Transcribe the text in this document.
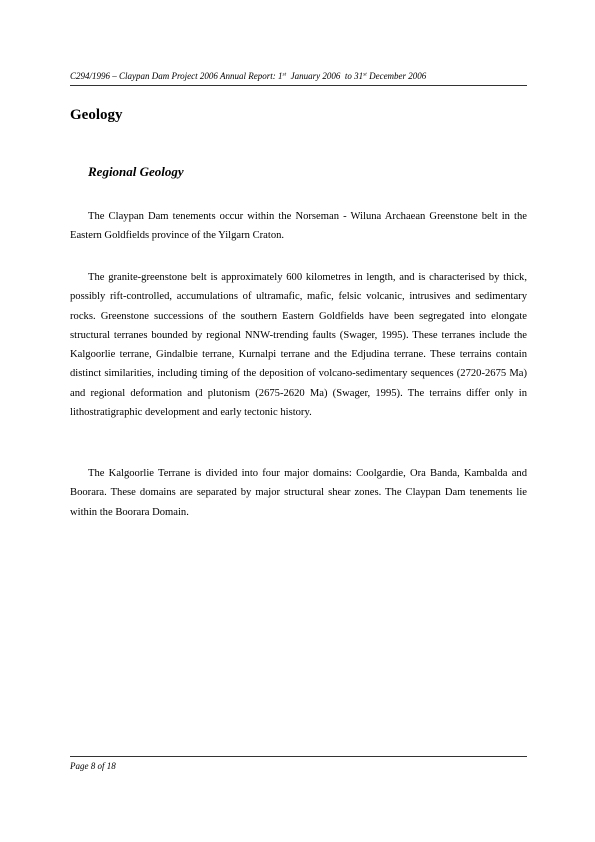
C294/1996 – Claypan Dam Project 2006 Annual Report: 1st  January 2006  to 31st December 2006
Geology
Regional Geology

The Claypan Dam tenements occur within the Norseman - Wiluna Archaean Greenstone belt in the Eastern Goldfields province of the Yilgarn Craton.

The granite-greenstone belt is approximately 600 kilometres in length, and is characterised by thick, possibly rift-controlled, accumulations of ultramafic, mafic, felsic volcanic, intrusives and sedimentary rocks. Greenstone successions of the southern Eastern Goldfields have been segregated into elongate structural terranes bounded by regional NNW-trending faults (Swager, 1995). These terranes include the Kalgoorlie terrane, Gindalbie terrane, Kurnalpi terrane and the Edjudina terrane. These terrains contain distinct similarities, including timing of the deposition of volcano-sedimentary sequences (2720-2675 Ma) and regional deformation and plutonism (2675-2620 Ma) (Swager, 1995). The terrains differ only in lithostratigraphic development and early tectonic history.

The Kalgoorlie Terrane is divided into four major domains: Coolgardie, Ora Banda, Kambalda and Boorara. These domains are separated by major structural shear zones. The Claypan Dam tenements lie within the Boorara Domain.

Page 8 of 18
